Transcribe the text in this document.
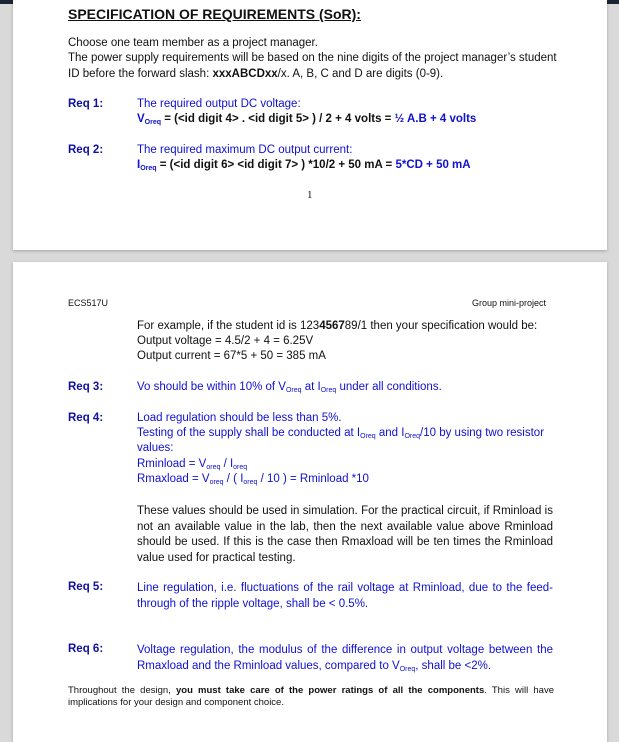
SPECIFICATION OF REQUIREMENTS (SoR):
Choose one team member as a project manager.
The power supply requirements will be based on the nine digits of the project manager’s student
ID before the forward slash: xxxABCDxx/x. A, B, C and D are digits (0-9).
Req 1:	The required output DC voltage:
$V_{Oreq} = (<id$ digit 4> . <id digit 5> ) / 2 + 4 volts = ½ A.B + 4 volts
Req 2:	The required maximum DC output current:
$I_{Oreq} = (<id$ digit 6> <id digit 7> ) *10/2 + 50 mA = 5*CD + 50 mA
1
ECS517U	Group mini-project
For example, if the student id is 123456789/1 then your specification would be:
Output voltage = 4.5/2 + 4 = 6.25V
Output current = 67*5 + 50 = 385 mA
Req 3:	Vo should be within 10% of $V_{Oreq}$ at $I_{Oreq}$ under all conditions.
Req 4:	Load regulation should be less than 5%.
Testing of the supply shall be conducted at $I_{Oreq}$ and $I_{Oreq}/10$ by using two resistor
values:
Rminload = $V_{oreq} / I_{oreq}$
Rmaxload = $V_{oreq}$ / ( $I_{oreq} / 10$ ) = Rminload *10
These values should be used in simulation. For the practical circuit, if Rminload is not an available value in the lab, then the next available value above Rminload should be used. If this is the case then Rmaxload will be ten times the Rminload value used for practical testing.
Req 5:	Line regulation, i.e. fluctuations of the rail voltage at Rminload, due to the feed-through of the ripple voltage, shall be < 0.5%.
Req 6:	Voltage regulation, the modulus of the difference in output voltage between the Rmaxload and the Rminload values, compared to $V_{Oreq}$, shall be <2%.
Throughout the design, you must take care of the power ratings of all the components. This will have implications for your design and component choice.
